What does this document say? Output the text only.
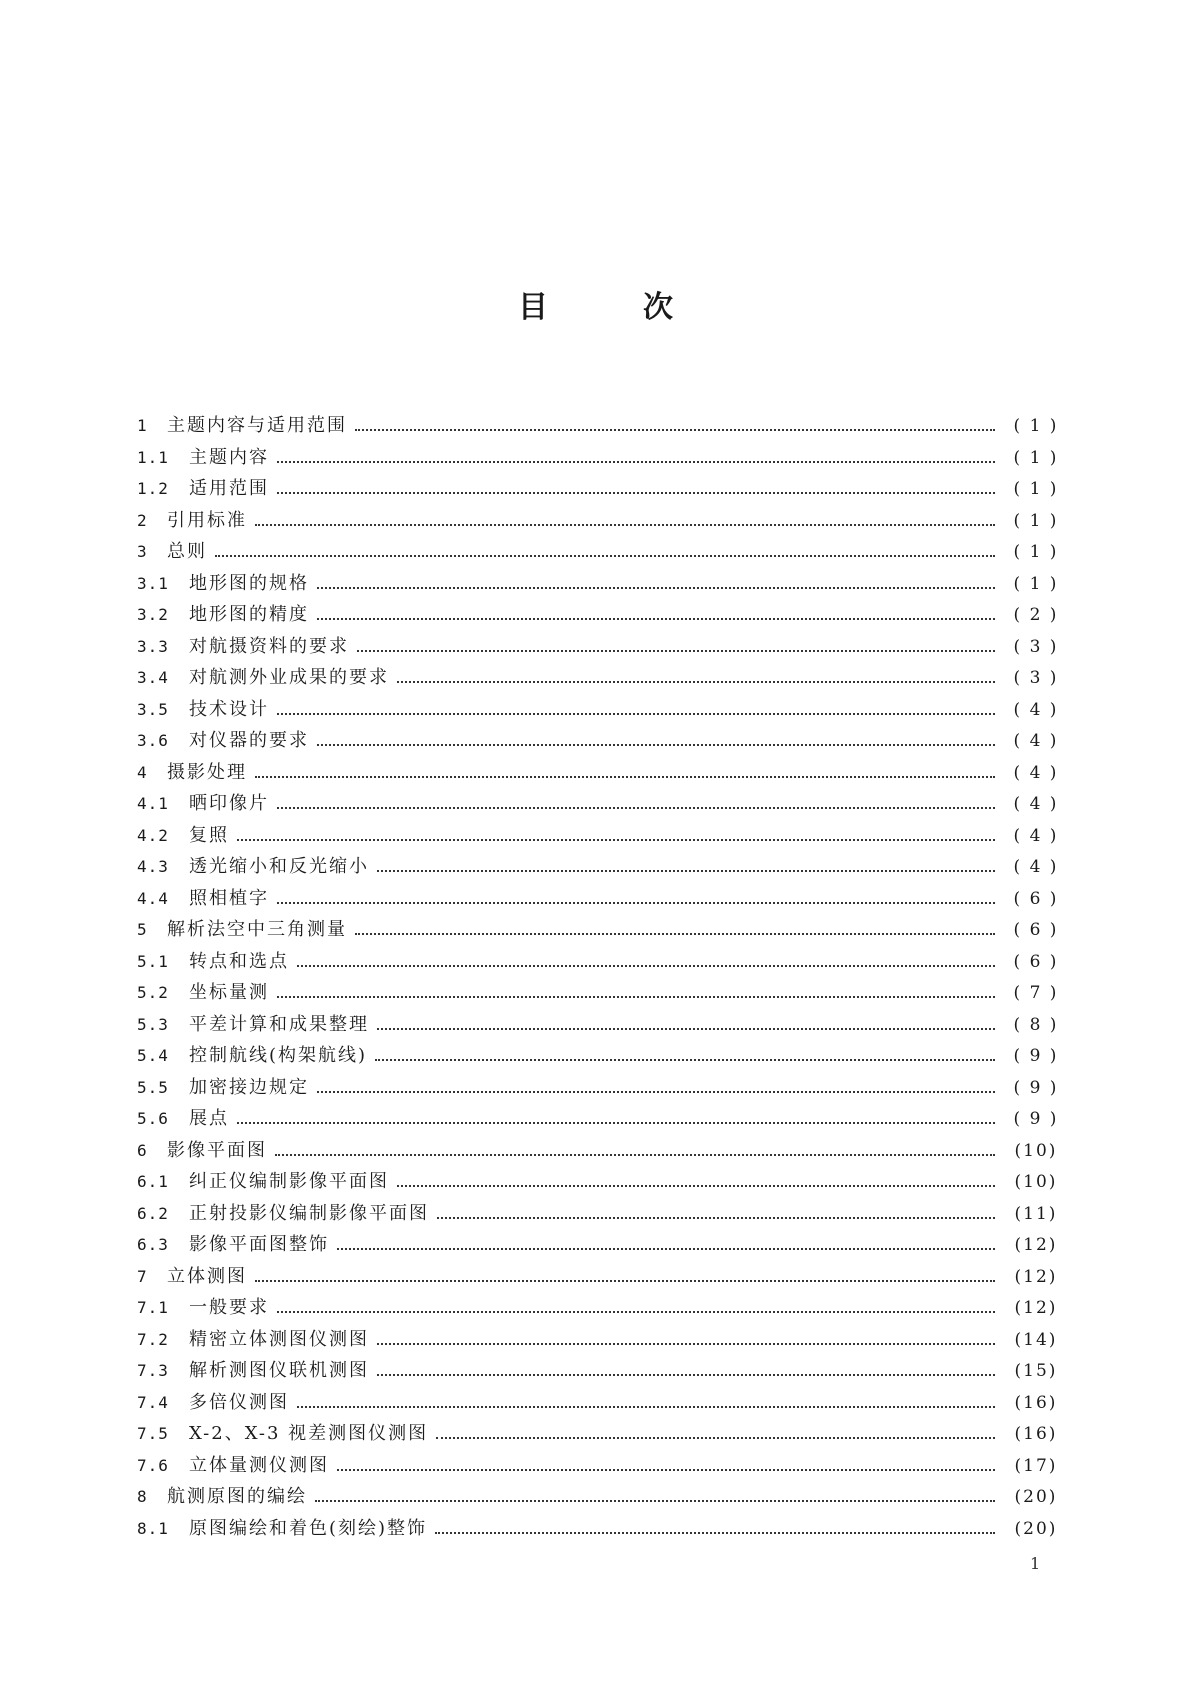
目	次
1	主题内容与适用范围	( 1 )
1.1	主题内容	( 1 )
1.2	适用范围	( 1 )
2	引用标准	( 1 )
3	总则	( 1 )
3.1	地形图的规格	( 1 )
3.2	地形图的精度	( 2 )
3.3	对航摄资料的要求	( 3 )
3.4	对航测外业成果的要求	( 3 )
3.5	技术设计	( 4 )
3.6	对仪器的要求	( 4 )
4	摄影处理	( 4 )
4.1	晒印像片	( 4 )
4.2	复照	( 4 )
4.3	透光缩小和反光缩小	( 4 )
4.4	照相植字	( 6 )
5	解析法空中三角测量	( 6 )
5.1	转点和选点	( 6 )
5.2	坐标量测	( 7 )
5.3	平差计算和成果整理	( 8 )
5.4	控制航线(构架航线)	( 9 )
5.5	加密接边规定	( 9 )
5.6	展点	( 9 )
6	影像平面图	(10)
6.1	纠正仪编制影像平面图	(10)
6.2	正射投影仪编制影像平面图	(11)
6.3	影像平面图整饰	(12)
7	立体测图	(12)
7.1	一般要求	(12)
7.2	精密立体测图仪测图	(14)
7.3	解析测图仪联机测图	(15)
7.4	多倍仪测图	(16)
7.5	X-2、X-3 视差测图仪测图	(16)
7.6	立体量测仪测图	(17)
8	航测原图的编绘	(20)
8.1	原图编绘和着色(刻绘)整饰	(20)
1
